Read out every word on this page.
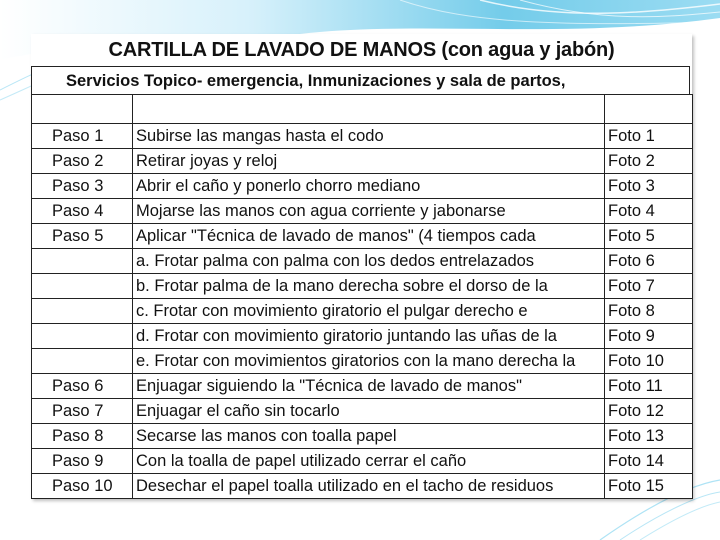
CARTILLA DE LAVADO DE MANOS (con agua y jabón)
Servicios Topico- emergencia, Inmunizaciones y sala de partos,

Paso 1	Subirse las mangas hasta el codo	Foto 1
Paso 2	Retirar joyas y reloj	Foto 2
Paso 3	Abrir el caño y ponerlo chorro mediano	Foto 3
Paso 4	Mojarse las manos con agua corriente y jabonarse	Foto 4
Paso 5	Aplicar "Técnica de lavado de manos" (4 tiempos cada	Foto 5
	a. Frotar palma con palma con los dedos entrelazados	Foto 6
	b. Frotar palma de la mano derecha sobre el dorso de la	Foto 7
	c. Frotar con movimiento giratorio el pulgar derecho e	Foto 8
	d. Frotar con movimiento giratorio juntando las uñas de la	Foto 9
	e. Frotar con movimientos giratorios con la mano derecha la	Foto 10
Paso 6	Enjuagar siguiendo la "Técnica de lavado de manos"	Foto 11
Paso 7	Enjuagar el caño sin tocarlo	Foto 12
Paso 8	Secarse las manos con toalla papel	Foto 13
Paso 9	Con la toalla de papel utilizado cerrar el caño	Foto 14
Paso 10	Desechar el papel toalla utilizado en el tacho de residuos	Foto 15
